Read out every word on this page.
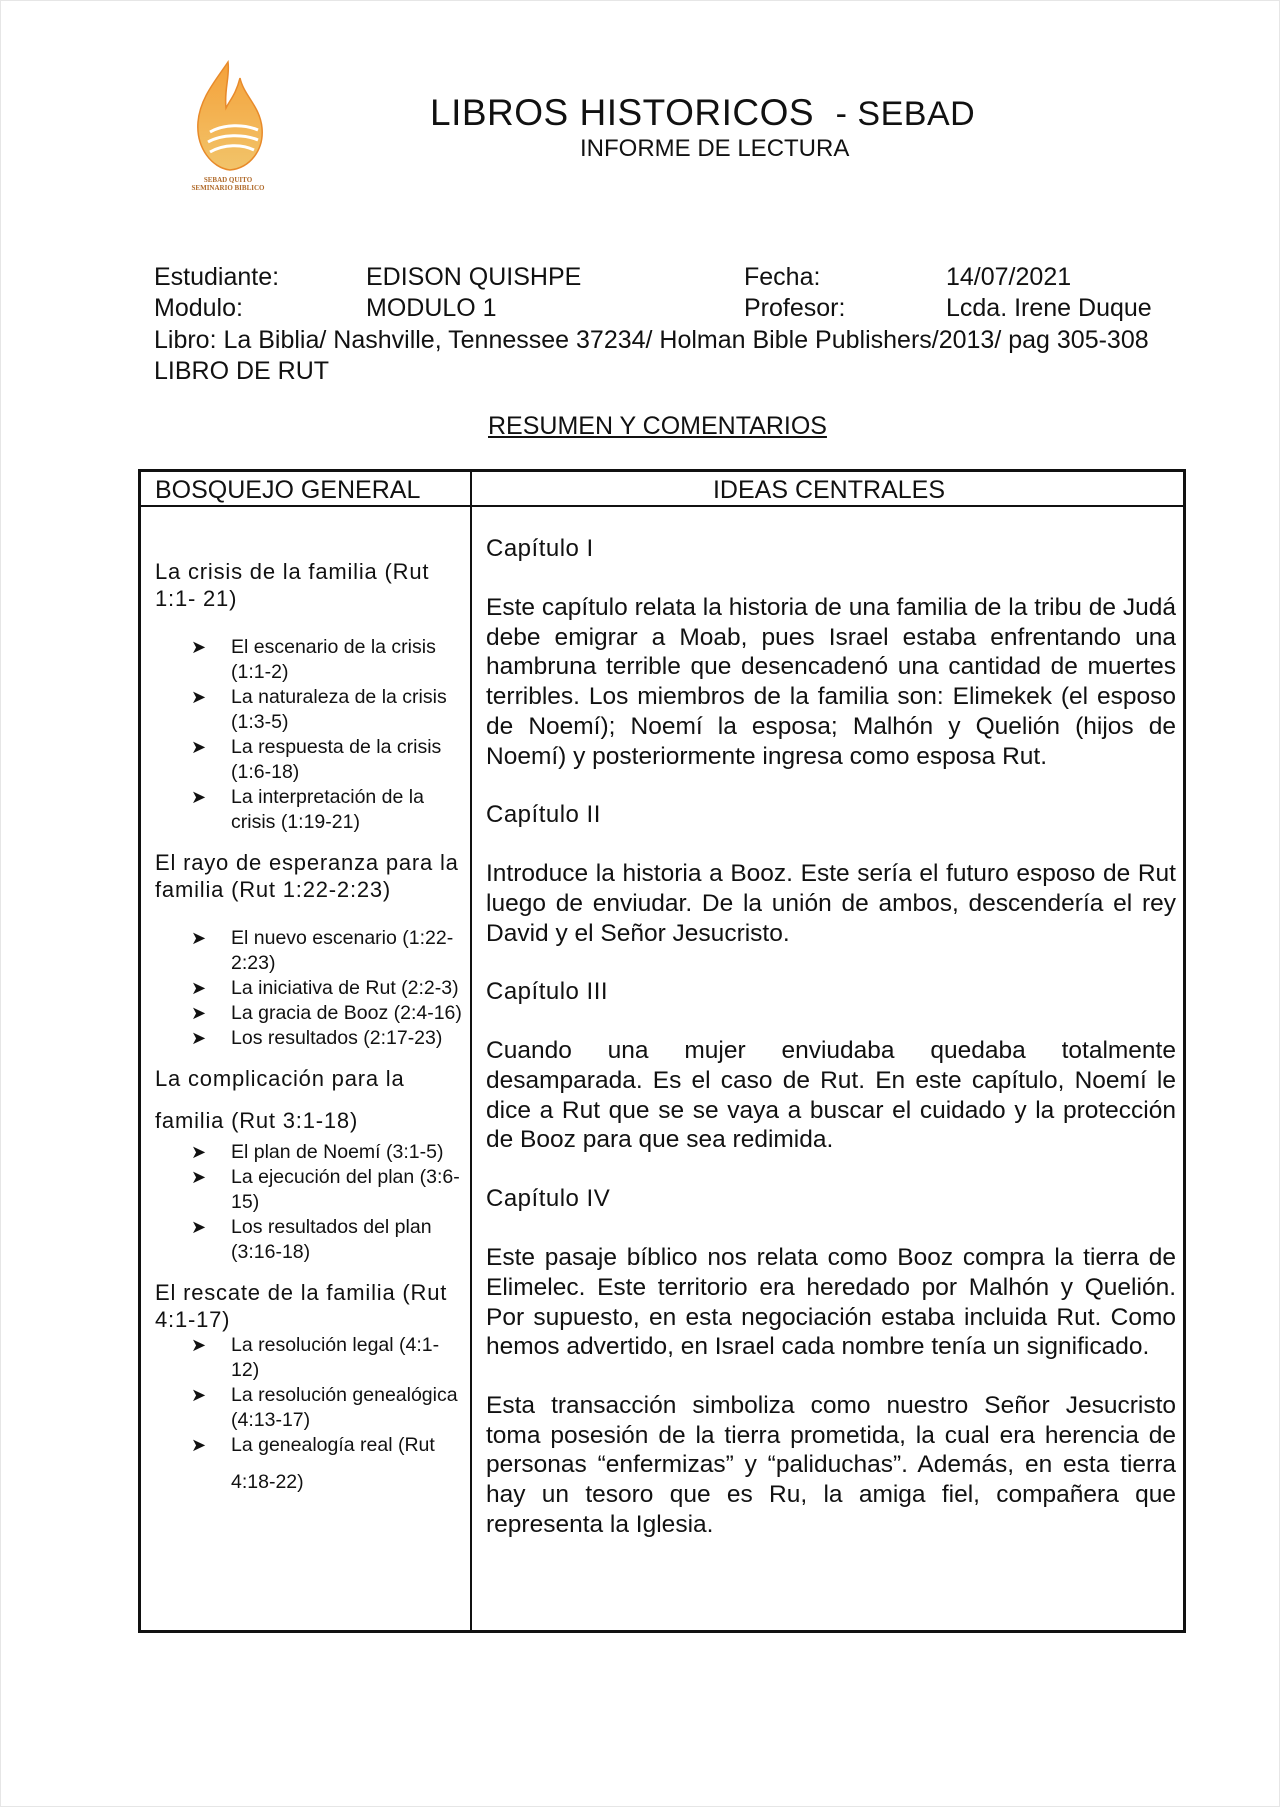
SEBAD QUITO
SEMINARIO BIBLICO
LIBROS HISTORICOS - SEBAD
INFORME DE LECTURA
Estudiante:	EDISON QUISHPE	Fecha:	14/07/2021
Modulo:	MODULO 1	Profesor:	Lcda. Irene Duque
Libro: La Biblia/ Nashville, Tennessee 37234/ Holman Bible Publishers/2013/ pag 305-308 LIBRO DE RUT
RESUMEN Y COMENTARIOS
BOSQUEJO GENERAL	IDEAS CENTRALES
La crisis de la familia (Rut 1:1- 21)
➤ El escenario de la crisis (1:1-2)
➤ La naturaleza de la crisis (1:3-5)
➤ La respuesta de la crisis (1:6-18)
➤ La interpretación de la crisis (1:19-21)
El rayo de esperanza para la familia (Rut 1:22-2:23)
➤ El nuevo escenario (1:22-2:23)
➤ La iniciativa de Rut (2:2-3)
➤ La gracia de Booz (2:4-16)
➤ Los resultados (2:17-23)
La complicación para la
familia (Rut 3:1-18)
➤ El plan de Noemí (3:1-5)
➤ La ejecución del plan (3:6-15)
➤ Los resultados del plan (3:16-18)
El rescate de la familia (Rut 4:1-17)
➤ La resolución legal (4:1-12)
➤ La resolución genealógica (4:13-17)
➤ La genealogía real (Rut
4:18-22)

Capítulo I

Este capítulo relata la historia de una familia de la tribu de Judá debe emigrar a Moab, pues Israel estaba enfrentando una hambruna terrible que desencadenó una cantidad de muertes terribles. Los miembros de la familia son: Elimekek (el esposo de Noemí); Noemí la esposa; Malhón y Quelión (hijos de Noemí) y posteriormente ingresa como esposa Rut.

Capítulo II

Introduce la historia a Booz. Este sería el futuro esposo de Rut luego de enviudar. De la unión de ambos, descendería el rey David y el Señor Jesucristo.

Capítulo III

Cuando una mujer enviudaba quedaba totalmente desamparada. Es el caso de Rut. En este capítulo, Noemí le dice a Rut que se se vaya a buscar el cuidado y la protección de Booz para que sea redimida.

Capítulo IV

Este pasaje bíblico nos relata como Booz compra la tierra de Elimelec. Este territorio era heredado por Malhón y Quelión. Por supuesto, en esta negociación estaba incluida Rut. Como hemos advertido, en Israel cada nombre tenía un significado.

Esta transacción simboliza como nuestro Señor Jesucristo toma posesión de la tierra prometida, la cual era herencia de personas “enfermizas” y “paliduchas”. Además, en esta tierra hay un tesoro que es Ru, la amiga fiel, compañera que representa la Iglesia.
